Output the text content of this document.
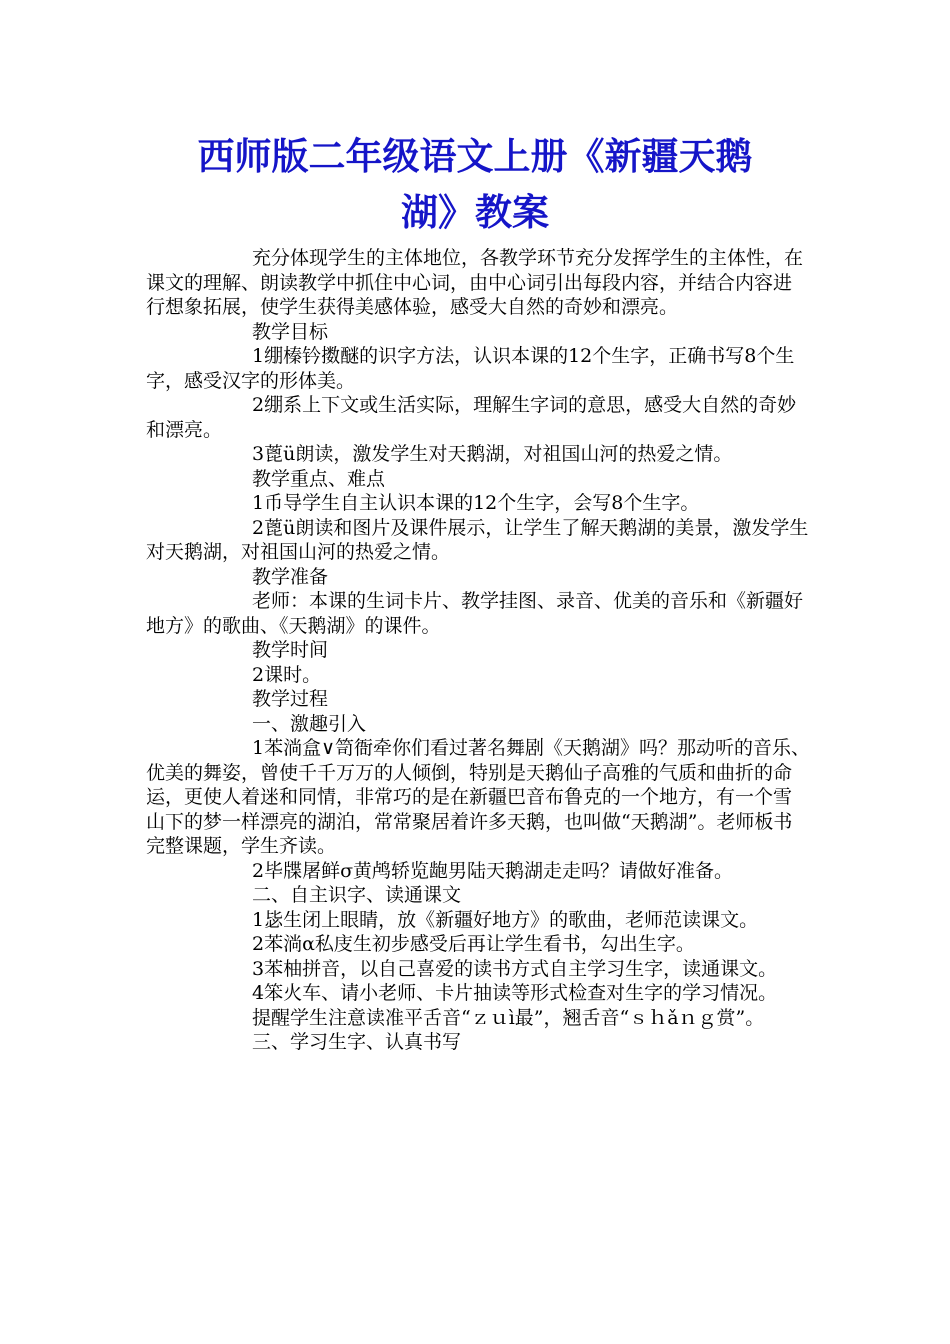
西师版二年级语文上册《新疆天鹅
湖》教案

充分体现学生的主体地位，各教学环节充分发挥学生的主体性，在课文的理解、朗读教学中抓住中心词，由中心词引出每段内容，并结合内容进行想象拓展，使学生获得美感体验，感受大自然的奇妙和漂亮。

教学目标

1绷榛钤擞醚的识字方法，认识本课的12个生字，正确书写8个生字，感受汉字的形体美。

2绷系上下文或生活实际，理解生字词的意思，感受大自然的奇妙和漂亮。

3蓖ü朗读，激发学生对天鹅湖，对祖国山河的热爱之情。

教学重点、难点

1币导学生自主认识本课的12个生字，会写8个生字。

2蓖ü朗读和图片及课件展示，让学生了解天鹅湖的美景，激发学生对天鹅湖，对祖国山河的热爱之情。

教学准备

老师：本课的生词卡片、教学挂图、录音、优美的音乐和《新疆好地方》的歌曲、《天鹅湖》的课件。

教学时间

2课时。

教学过程

一、激趣引入

1苯淌盒∨笥衙牵你们看过著名舞剧《天鹅湖》吗？那动听的音乐、优美的舞姿，曾使千千万万的人倾倒，特别是天鹅仙子高雅的气质和曲折的命运，更使人着迷和同情，非常巧的是在新疆巴音布鲁克的一个地方，有一个雪山下的梦一样漂亮的湖泊，常常聚居着许多天鹅，也叫做“天鹅湖”。老师板书完整课题，学生齐读。

2毕牒屠鲜σ黄鸬轿览龅男陆天鹅湖走走吗？请做好准备。

二、自主识字、读通课文

1毖生闭上眼睛，放《新疆好地方》的歌曲，老师范读课文。

2苯淌α私庋生初步感受后再让学生看书，勾出生字。

3苯柚拼音，以自己喜爱的读书方式自主学习生字，读通课文。

4笨火车、请小老师、卡片抽读等形式检查对生字的学习情况。

提醒学生注意读准平舌音“ｚｕì最”，翘舌音“ｓｈǎｎｇ赏”。

三、学习生字、认真书写
